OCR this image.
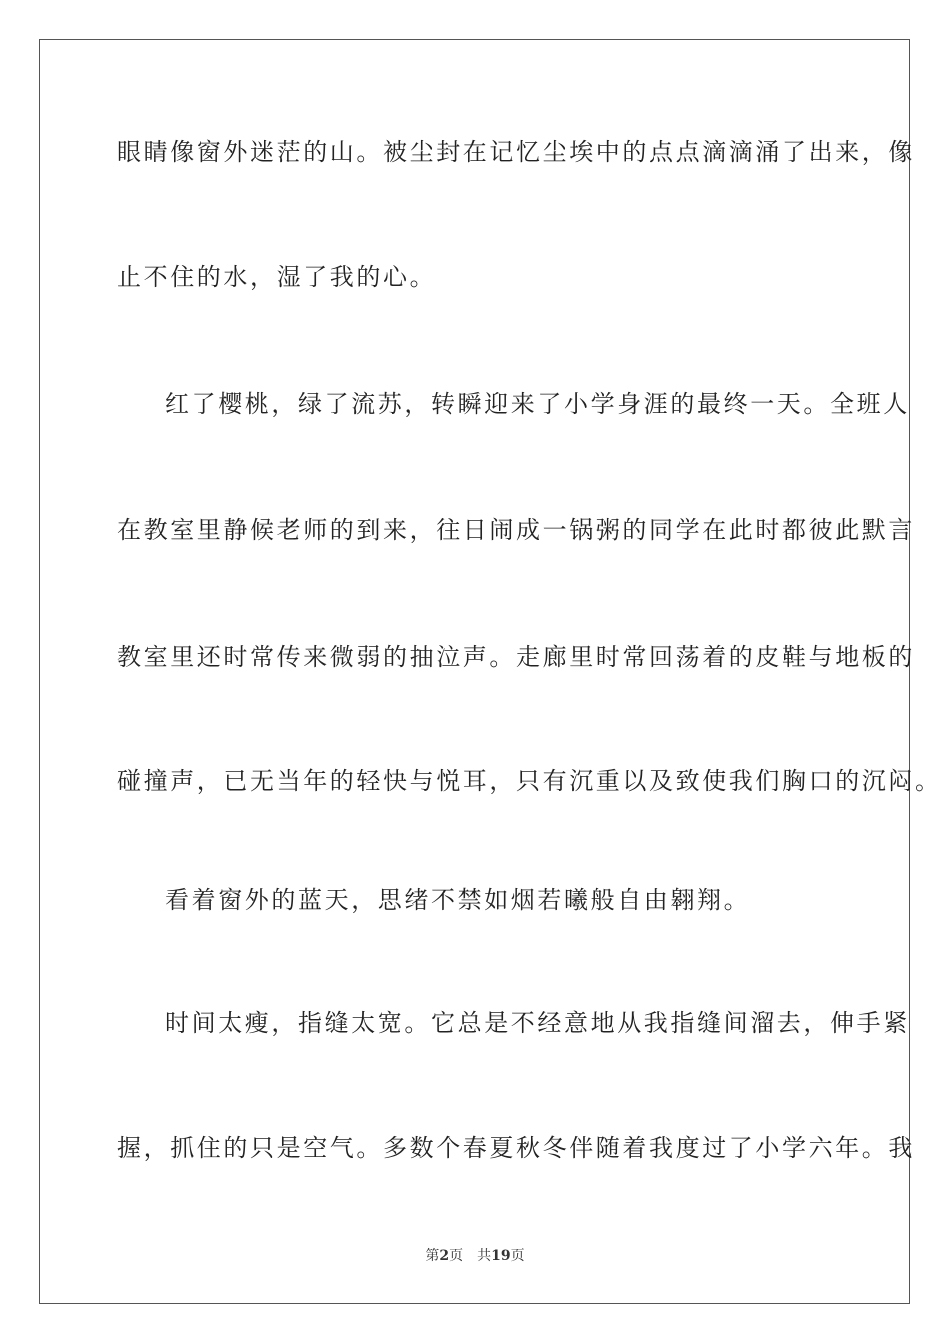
眼睛像窗外迷茫的山。被尘封在记忆尘埃中的点点滴滴涌了出来，像
止不住的水，湿了我的心。
红了樱桃，绿了流苏，转瞬迎来了小学身涯的最终一天。全班人
在教室里静候老师的到来，往日闹成一锅粥的同学在此时都彼此默言
教室里还时常传来微弱的抽泣声。走廊里时常回荡着的皮鞋与地板的
碰撞声，已无当年的轻快与悦耳，只有沉重以及致使我们胸口的沉闷。
看着窗外的蓝天，思绪不禁如烟若曦般自由翱翔。
时间太瘦，指缝太宽。它总是不经意地从我指缝间溜去，伸手紧
握，抓住的只是空气。多数个春夏秋冬伴随着我度过了小学六年。我
第2页 共19页
